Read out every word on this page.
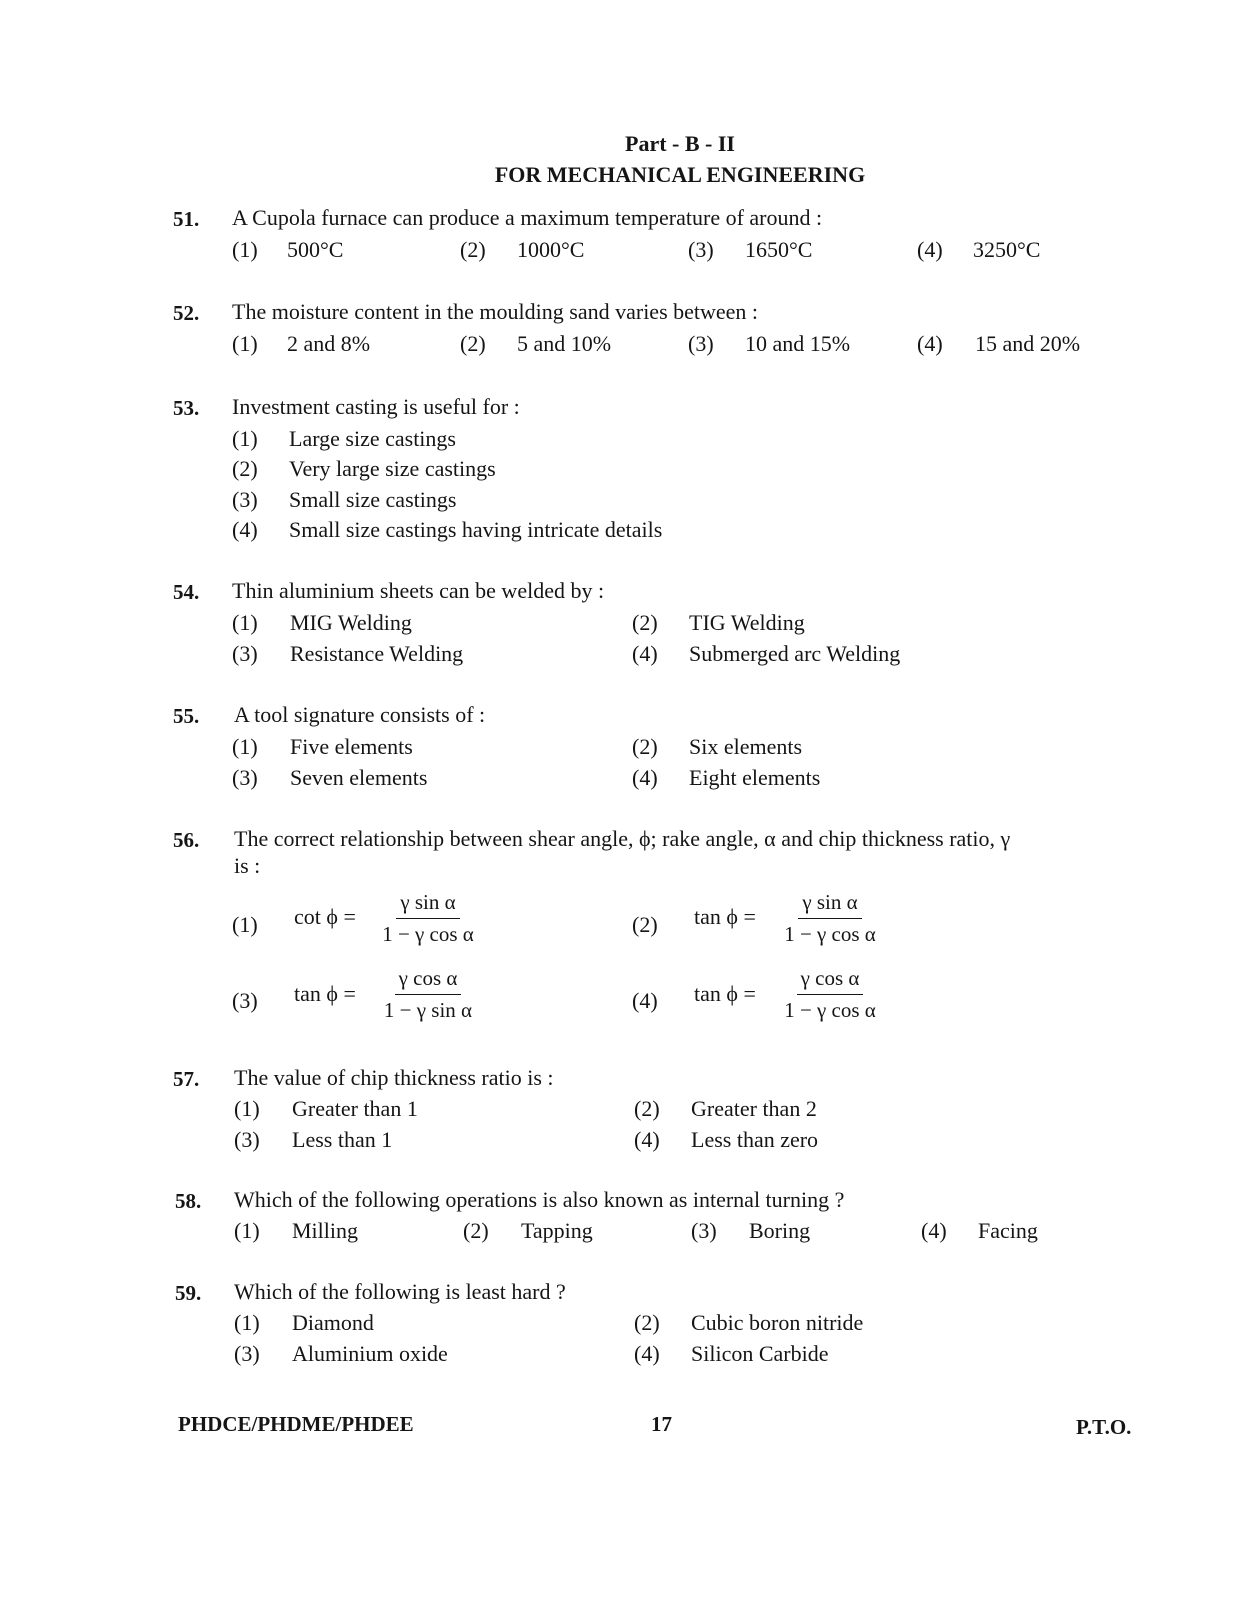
Part - B - II
FOR MECHANICAL ENGINEERING
51. A Cupola furnace can produce a maximum temperature of around :
(1) 500°C	(2) 1000°C	(3) 1650°C	(4) 3250°C
52. The moisture content in the moulding sand varies between :
(1) 2 and 8%	(2) 5 and 10%	(3) 10 and 15%	(4) 15 and 20%
53. Investment casting is useful for :
(1) Large size castings
(2) Very large size castings
(3) Small size castings
(4) Small size castings having intricate details
54. Thin aluminium sheets can be welded by :
(1) MIG Welding	(2) TIG Welding
(3) Resistance Welding	(4) Submerged arc Welding
55. A tool signature consists of :
(1) Five elements	(2) Six elements
(3) Seven elements	(4) Eight elements
56. The correct relationship between shear angle, ϕ; rake angle, α and chip thickness ratio, γ
is :
(1) $\cot \phi = \frac{\text{γ sin α}}{\text{1 − γ cos α}}$	(2) $\tan \phi = \frac{\text{γ sin α}}{\text{1 − γ cos α}}$
(3) $\tan \phi = \frac{\text{γ cos α}}{\text{1 − γ sin α}}$	(4) $\tan \phi = \frac{\text{γ cos α}}{\text{1 − γ cos α}}$
57. The value of chip thickness ratio is :
(1) Greater than 1	(2) Greater than 2
(3) Less than 1	(4) Less than zero
58. Which of the following operations is also known as internal turning ?
(1) Milling	(2) Tapping	(3) Boring	(4) Facing
59. Which of the following is least hard ?
(1) Diamond	(2) Cubic boron nitride
(3) Aluminium oxide	(4) Silicon Carbide
PHDCE/PHDME/PHDEE	17	P.T.O.
